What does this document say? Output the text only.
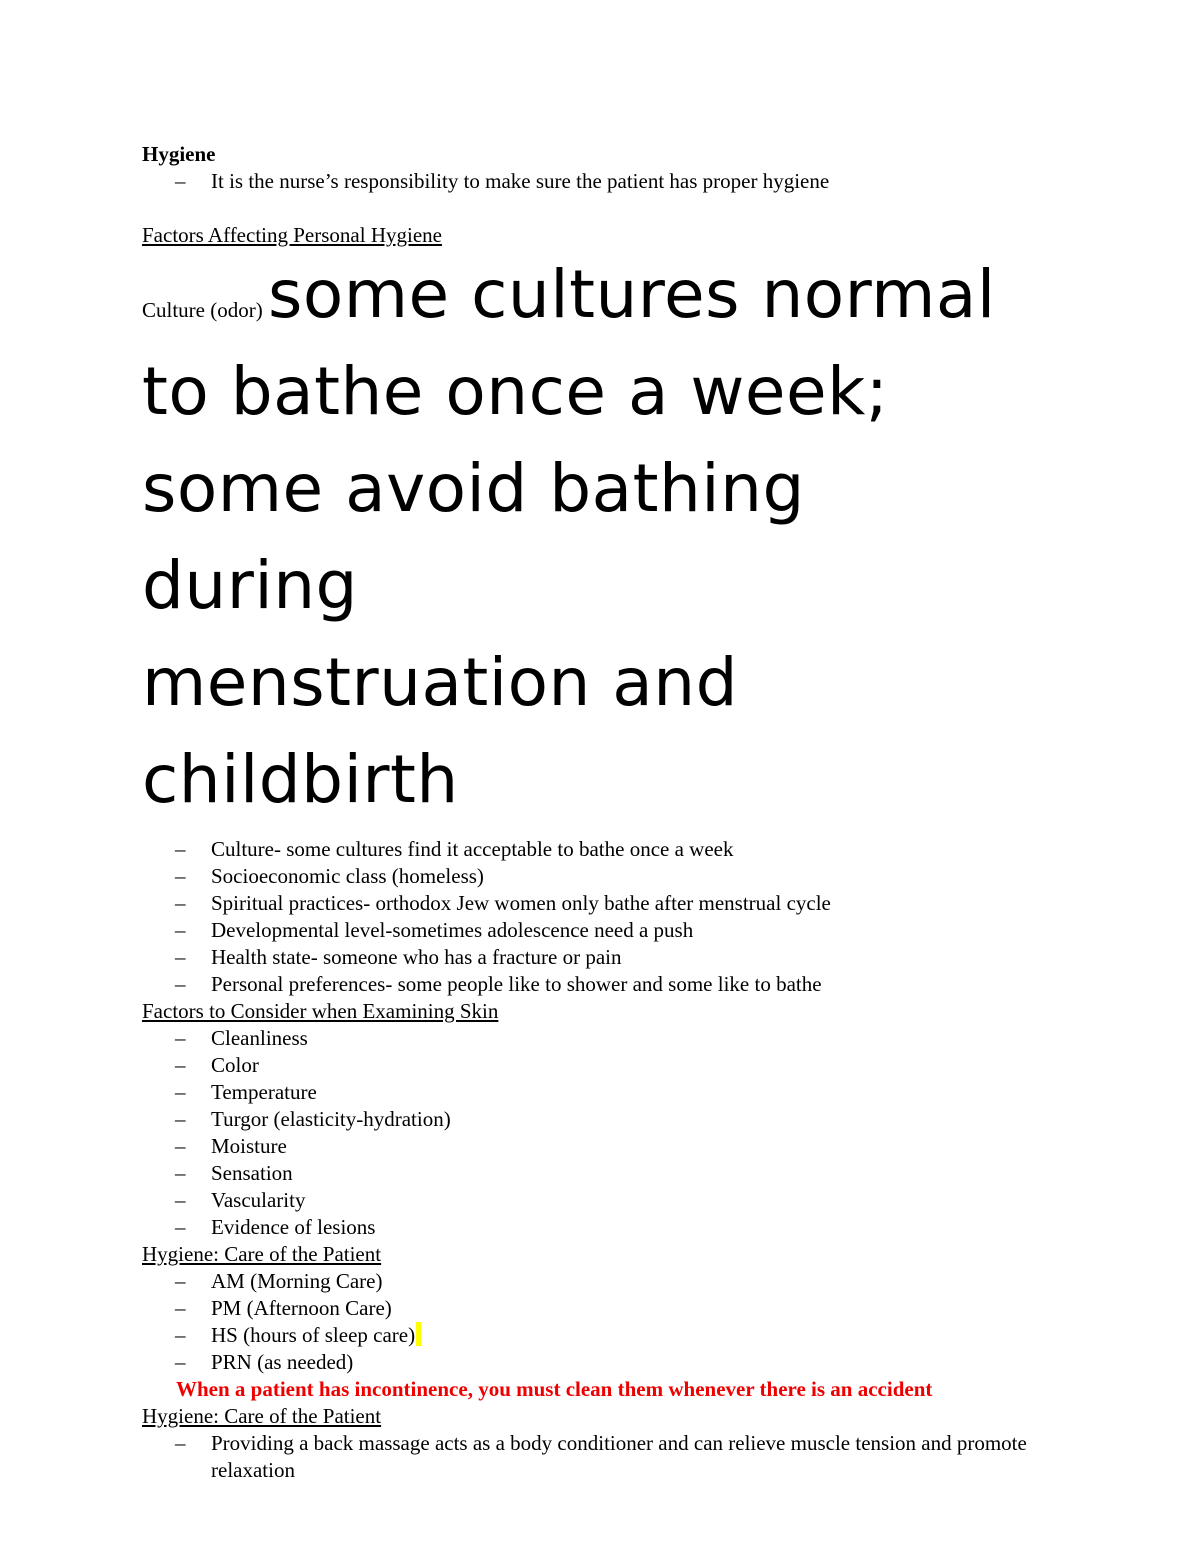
Hygiene

– It is the nurse’s responsibility to make sure the patient has proper hygiene

Factors Affecting Personal Hygiene

Culture (odor) some cultures normal
to bathe once a week;
some avoid bathing
during
menstruation and
childbirth
– Culture- some cultures find it acceptable to bathe once a week
– Socioeconomic class (homeless)
– Spiritual practices- orthodox Jew women only bathe after menstrual cycle
– Developmental level-sometimes adolescence need a push
– Health state- someone who has a fracture or pain
– Personal preferences- some people like to shower and some like to bathe

Factors to Consider when Examining Skin

– Cleanliness
– Color
– Temperature
– Turgor (elasticity-hydration)
– Moisture
– Sensation
– Vascularity
– Evidence of lesions

Hygiene: Care of the Patient

– AM (Morning Care)
– PM (Afternoon Care)
– HS (hours of sleep care)
– PRN (as needed)

When a patient has incontinence, you must clean them whenever there is an accident

Hygiene: Care of the Patient

– Providing a back massage acts as a body conditioner and can relieve muscle tension and promote relaxation
